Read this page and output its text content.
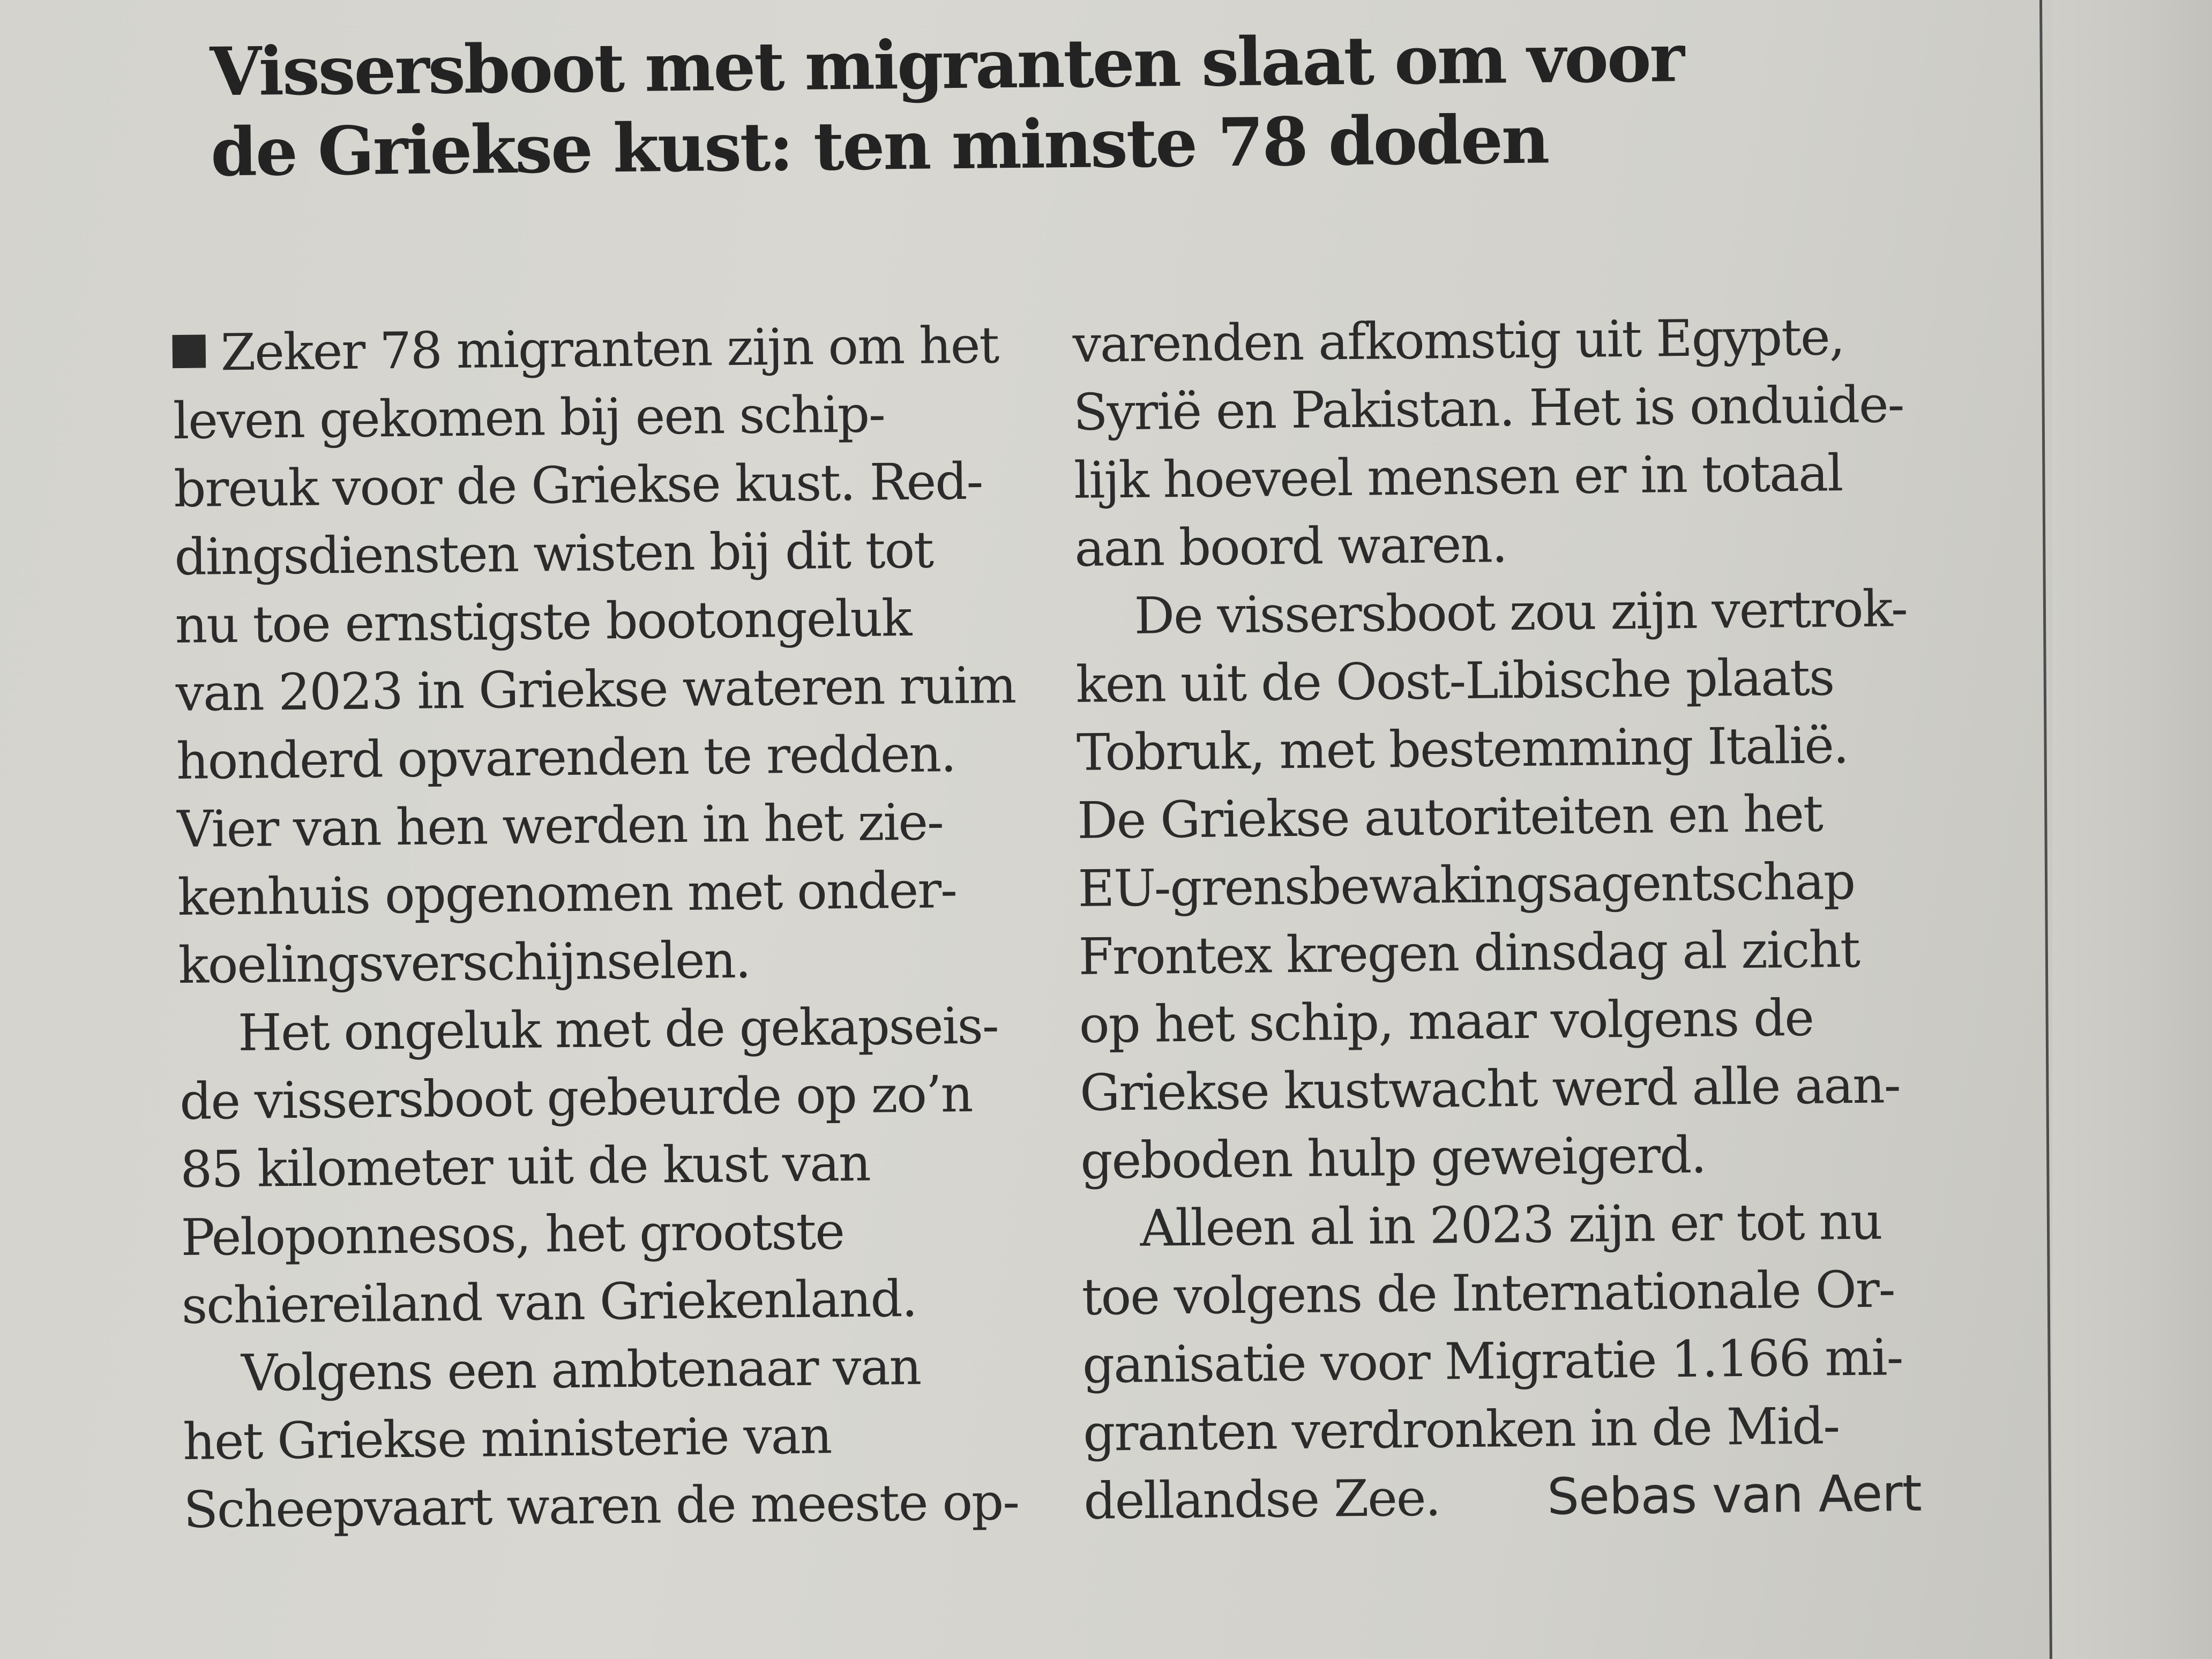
Vissersboot met migranten slaat om voor
de Griekse kust: ten minste 78 doden
Zeker 78 migranten zijn om het
leven gekomen bij een schip-
breuk voor de Griekse kust. Red-
dingsdiensten wisten bij dit tot
nu toe ernstigste bootongeluk
van 2023 in Griekse wateren ruim
honderd opvarenden te redden.
Vier van hen werden in het zie-
kenhuis opgenomen met onder-
koelingsverschijnselen.
Het ongeluk met de gekapseis-
de vissersboot gebeurde op zo’n
85 kilometer uit de kust van
Peloponnesos, het grootste
schiereiland van Griekenland.
Volgens een ambtenaar van
het Griekse ministerie van
Scheepvaart waren de meeste op-
varenden afkomstig uit Egypte,
Syrië en Pakistan. Het is onduide-
lijk hoeveel mensen er in totaal
aan boord waren.
De vissersboot zou zijn vertrok-
ken uit de Oost-Libische plaats
Tobruk, met bestemming Italië.
De Griekse autoriteiten en het
EU-grensbewakingsagentschap
Frontex kregen dinsdag al zicht
op het schip, maar volgens de
Griekse kustwacht werd alle aan-
geboden hulp geweigerd.
Alleen al in 2023 zijn er tot nu
toe volgens de Internationale Or-
ganisatie voor Migratie 1.166 mi-
granten verdronken in de Mid-
dellandse Zee. Sebas van Aert
